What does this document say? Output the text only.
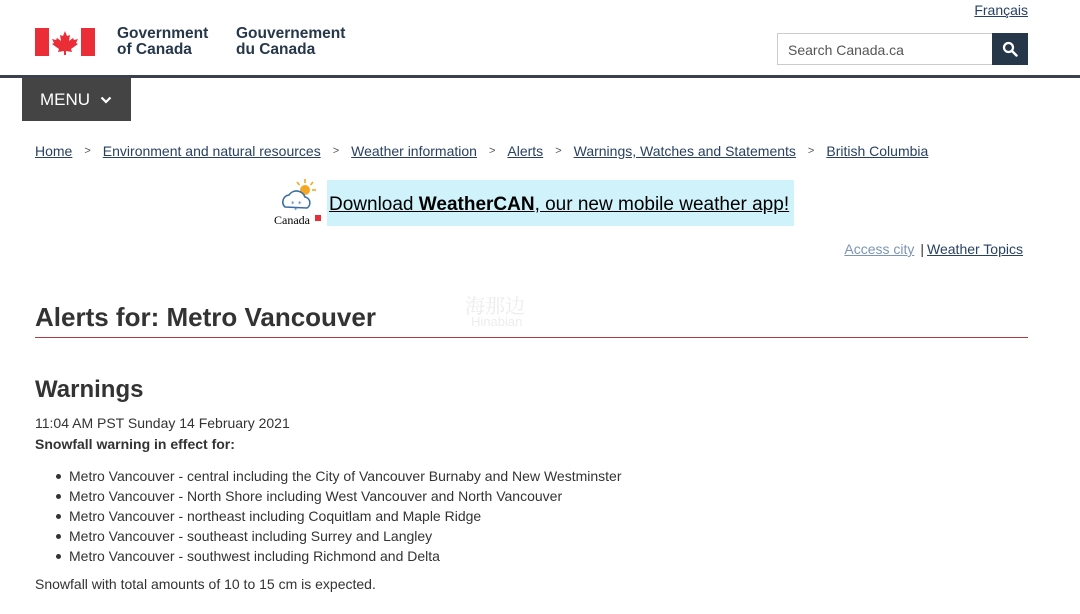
Français
Government
of Canada
Gouvernement
du Canada	Search Canada.ca
MENU
Home > Environment and natural resources > Weather information > Alerts > Warnings, Watches and Statements > British Columbia
* *
*
Canada
Download WeatherCAN, our new mobile weather app!
Access city | Weather Topics
海那边
Hinabian
Alerts for: Metro Vancouver
Warnings
11:04 AM PST Sunday 14 February 2021
Snowfall warning in effect for:
Metro Vancouver - central including the City of Vancouver Burnaby and New Westminster
Metro Vancouver - North Shore including West Vancouver and North Vancouver
Metro Vancouver - northeast including Coquitlam and Maple Ridge
Metro Vancouver - southeast including Surrey and Langley
Metro Vancouver - southwest including Richmond and Delta
Snowfall with total amounts of 10 to 15 cm is expected.
